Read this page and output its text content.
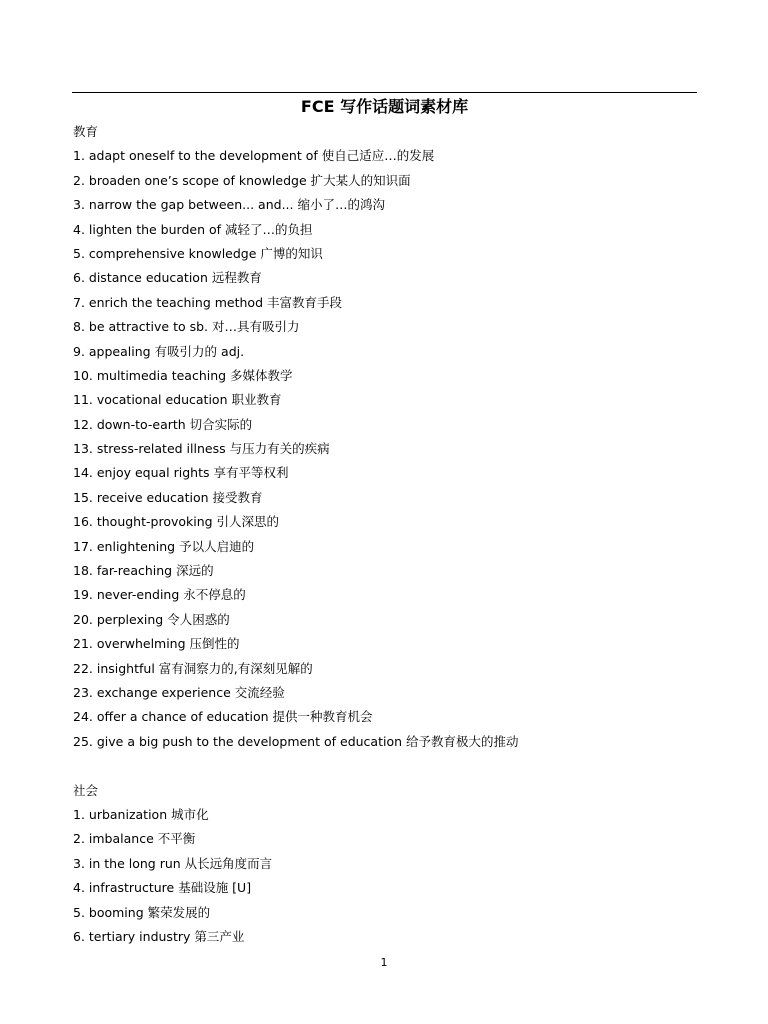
FCE 写作话题词素材库
教育
1. adapt oneself to the development of 使自己适应…的发展
2. broaden one’s scope of knowledge 扩大某人的知识面
3. narrow the gap between... and... 缩小了…的鸿沟
4. lighten the burden of 减轻了…的负担
5. comprehensive knowledge 广博的知识
6. distance education 远程教育
7. enrich the teaching method 丰富教育手段
8. be attractive to sb. 对…具有吸引力
9. appealing 有吸引力的 adj.
10. multimedia teaching 多媒体教学
11. vocational education 职业教育
12. down-to-earth 切合实际的
13. stress-related illness 与压力有关的疾病
14. enjoy equal rights 享有平等权利
15. receive education 接受教育
16. thought-provoking 引人深思的
17. enlightening 予以人启迪的
18. far-reaching 深远的
19. never-ending 永不停息的
20. perplexing 令人困惑的
21. overwhelming 压倒性的
22. insightful 富有洞察力的,有深刻见解的
23. exchange experience 交流经验
24. offer a chance of education 提供一种教育机会
25. give a big push to the development of education 给予教育极大的推动
社会
1. urbanization 城市化
2. imbalance 不平衡
3. in the long run 从长远角度而言
4. infrastructure 基础设施 [U]
5. booming 繁荣发展的
6. tertiary industry 第三产业
1
